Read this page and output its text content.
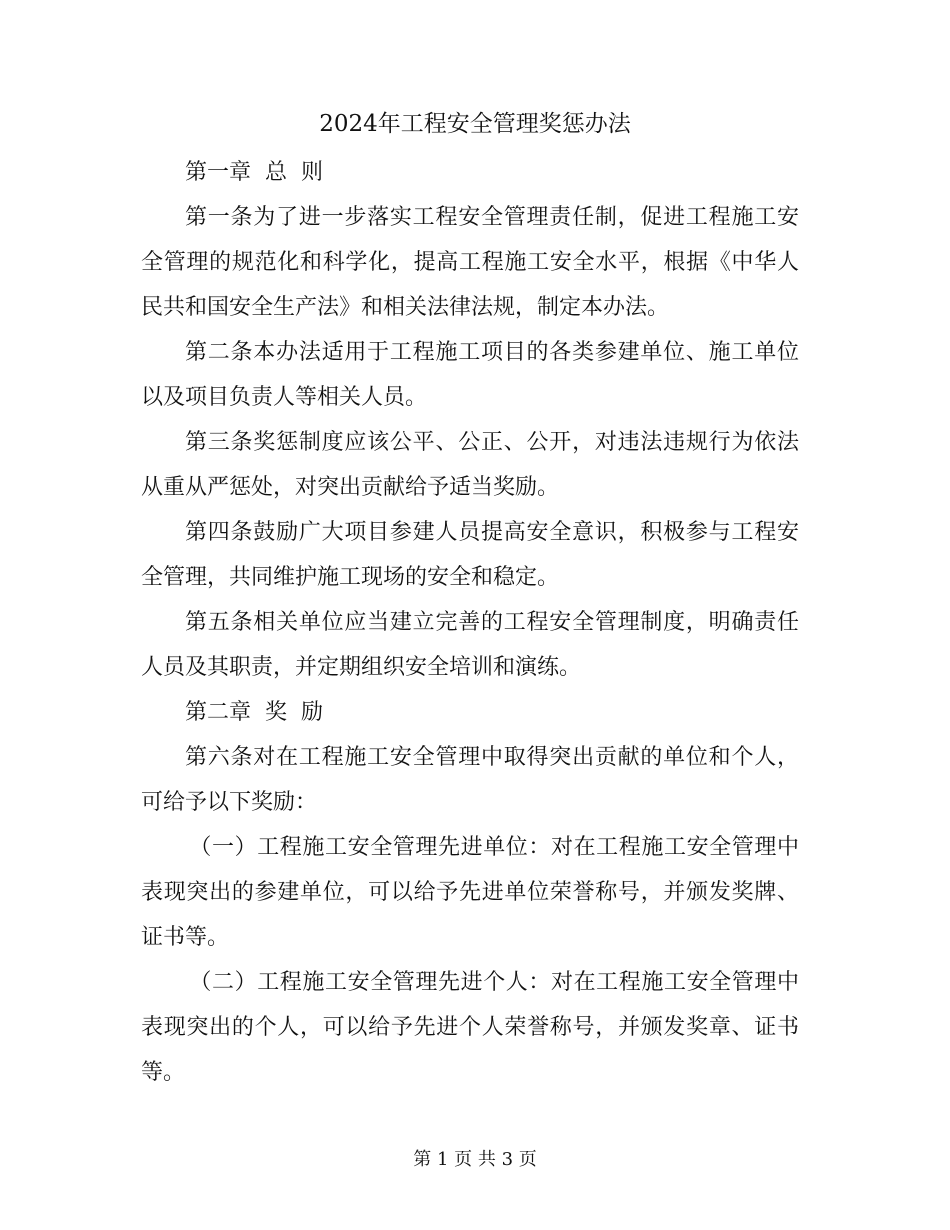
2024年工程安全管理奖惩办法

第一章  总  则

第一条为了进一步落实工程安全管理责任制，促进工程施工安全管理的规范化和科学化，提高工程施工安全水平，根据《中华人民共和国安全生产法》和相关法律法规，制定本办法。

第二条本办法适用于工程施工项目的各类参建单位、施工单位以及项目负责人等相关人员。

第三条奖惩制度应该公平、公正、公开，对违法违规行为依法从重从严惩处，对突出贡献给予适当奖励。

第四条鼓励广大项目参建人员提高安全意识，积极参与工程安全管理，共同维护施工现场的安全和稳定。

第五条相关单位应当建立完善的工程安全管理制度，明确责任人员及其职责，并定期组织安全培训和演练。

第二章  奖  励

第六条对在工程施工安全管理中取得突出贡献的单位和个人，可给予以下奖励：

（一）工程施工安全管理先进单位：对在工程施工安全管理中表现突出的参建单位，可以给予先进单位荣誉称号，并颁发奖牌、证书等。

（二）工程施工安全管理先进个人：对在工程施工安全管理中表现突出的个人，可以给予先进个人荣誉称号，并颁发奖章、证书等。

第 1 页 共 3 页
